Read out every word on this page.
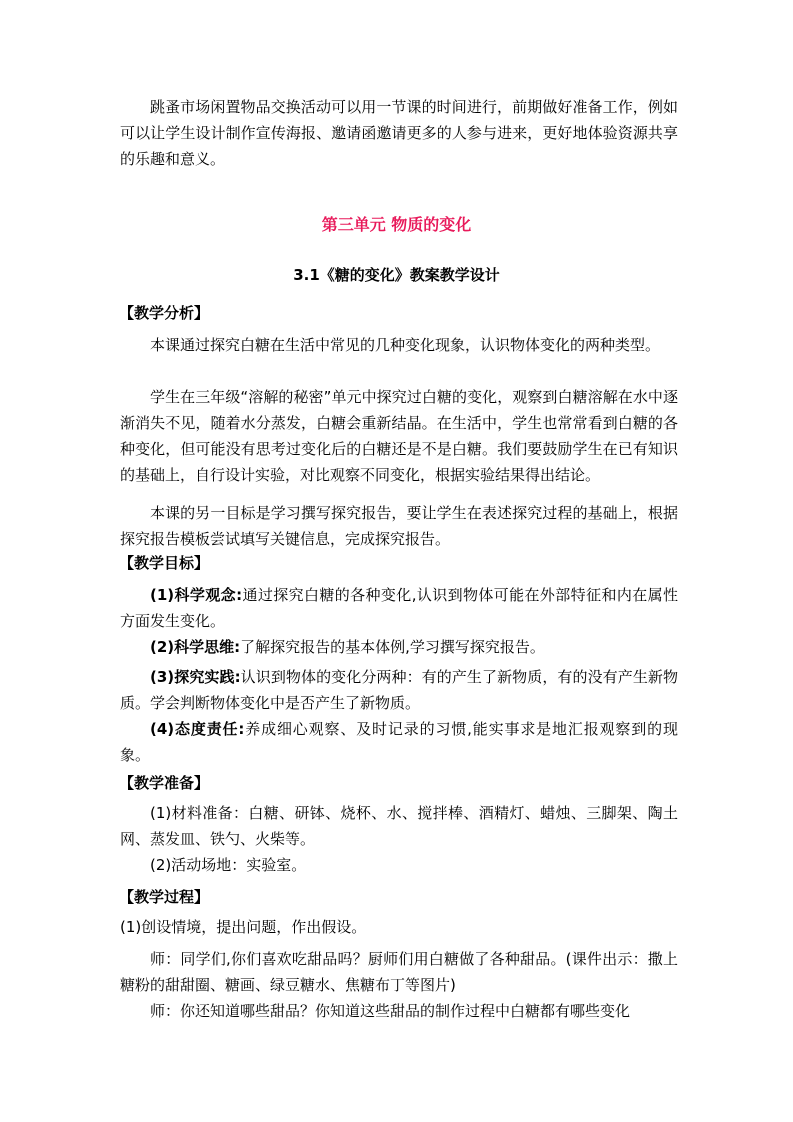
跳蚤市场闲置物品交换活动可以用一节课的时间进行，前期做好准备工作，例如可以让学生设计制作宣传海报、邀请函邀请更多的人参与进来，更好地体验资源共享的乐趣和意义。
第三单元 物质的变化
3.1《糖的变化》教案教学设计
【教学分析】
本课通过探究白糖在生活中常见的几种变化现象，认识物体变化的两种类型。
学生在三年级“溶解的秘密”单元中探究过白糖的变化，观察到白糖溶解在水中逐渐消失不见，随着水分蒸发，白糖会重新结晶。在生活中，学生也常常看到白糖的各种变化，但可能没有思考过变化后的白糖还是不是白糖。我们要鼓励学生在已有知识的基础上，自行设计实验，对比观察不同变化，根据实验结果得出结论。
本课的另一目标是学习撰写探究报告，要让学生在表述探究过程的基础上，根据探究报告模板尝试填写关键信息，完成探究报告。
【教学目标】
(1)科学观念:通过探究白糖的各种变化,认识到物体可能在外部特征和内在属性方面发生变化。
(2)科学思维:了解探究报告的基本体例,学习撰写探究报告。
(3)探究实践:认识到物体的变化分两种：有的产生了新物质，有的没有产生新物质。学会判断物体变化中是否产生了新物质。
(4)态度责任:养成细心观察、及时记录的习惯,能实事求是地汇报观察到的现象。
【教学准备】
(1)材料准备：白糖、研钵、烧杯、水、搅拌棒、酒精灯、蜡烛、三脚架、陶土网、蒸发皿、铁勺、火柴等。
(2)活动场地：实验室。
【教学过程】
(1)创设情境，提出问题，作出假设。
师：同学们,你们喜欢吃甜品吗？厨师们用白糖做了各种甜品。(课件出示：撒上糖粉的甜甜圈、糖画、绿豆糖水、焦糖布丁等图片)
师：你还知道哪些甜品？你知道这些甜品的制作过程中白糖都有哪些变化
